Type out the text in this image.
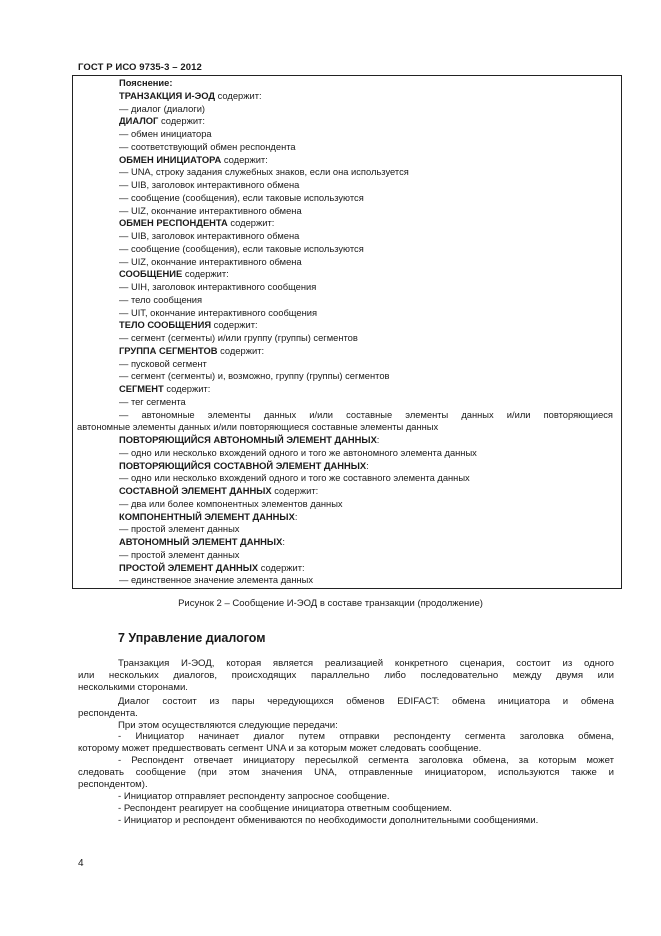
ГОСТ Р ИСО 9735-3 – 2012
Пояснение:
ТРАНЗАКЦИЯ И-ЭОД содержит:
— диалог (диалоги)
ДИАЛОГ содержит:
— обмен инициатора
— соответствующий обмен респондента
ОБМЕН ИНИЦИАТОРА содержит:
— UNA, строку задания служебных знаков, если она используется
— UIB, заголовок интерактивного обмена
— сообщение (сообщения), если таковые используются
— UIZ, окончание интерактивного обмена
ОБМЕН РЕСПОНДЕНТА содержит:
— UIB, заголовок интерактивного обмена
— сообщение (сообщения), если таковые используются
— UIZ, окончание интерактивного обмена
СООБЩЕНИЕ содержит:
— UIH, заголовок интерактивного сообщения
— тело сообщения
— UIT, окончание интерактивного сообщения
ТЕЛО СООБЩЕНИЯ содержит:
— сегмент (сегменты) и/или группу (группы) сегментов
ГРУППА СЕГМЕНТОВ содержит:
— пусковой сегмент
— сегмент (сегменты) и, возможно, группу (группы) сегментов
СЕГМЕНТ содержит:
— тег сегмента
— автономные элементы данных и/или составные элементы данных и/или повторяющиеся
автономные элементы данных и/или повторяющиеся составные элементы данных
ПОВТОРЯЮЩИЙСЯ АВТОНОМНЫЙ ЭЛЕМЕНТ ДАННЫХ:
— одно или несколько вхождений одного и того же автономного элемента данных
ПОВТОРЯЮЩИЙСЯ СОСТАВНОЙ ЭЛЕМЕНТ ДАННЫХ:
— одно или несколько вхождений одного и того же составного элемента данных
СОСТАВНОЙ ЭЛЕМЕНТ ДАННЫХ содержит:
— два или более компонентных элементов данных
КОМПОНЕНТНЫЙ ЭЛЕМЕНТ ДАННЫХ:
— простой элемент данных
АВТОНОМНЫЙ ЭЛЕМЕНТ ДАННЫХ:
— простой элемент данных
ПРОСТОЙ ЭЛЕМЕНТ ДАННЫХ содержит:
— единственное значение элемента данных
Рисунок 2 – Сообщение И-ЭОД в составе транзакции (продолжение)
7 Управление диалогом
Транзакция И-ЭОД, которая является реализацией конкретного сценария, состоит из одного
или нескольких диалогов, происходящих параллельно либо последовательно между двумя или
несколькими сторонами.
Диалог состоит из пары чередующихся обменов EDIFACT: обмена инициатора и обмена
респондента.
При этом осуществляются следующие передачи:
- Инициатор начинает диалог путем отправки респонденту сегмента заголовка обмена,
которому может предшествовать сегмент UNA и за которым может следовать сообщение.
- Респондент отвечает инициатору пересылкой сегмента заголовка обмена, за которым может
следовать сообщение (при этом значения UNA, отправленные инициатором, используются также и
респондентом).
- Инициатор отправляет респонденту запросное сообщение.
- Респондент реагирует на сообщение инициатора ответным сообщением.
- Инициатор и респондент обмениваются по необходимости дополнительными сообщениями.
4
